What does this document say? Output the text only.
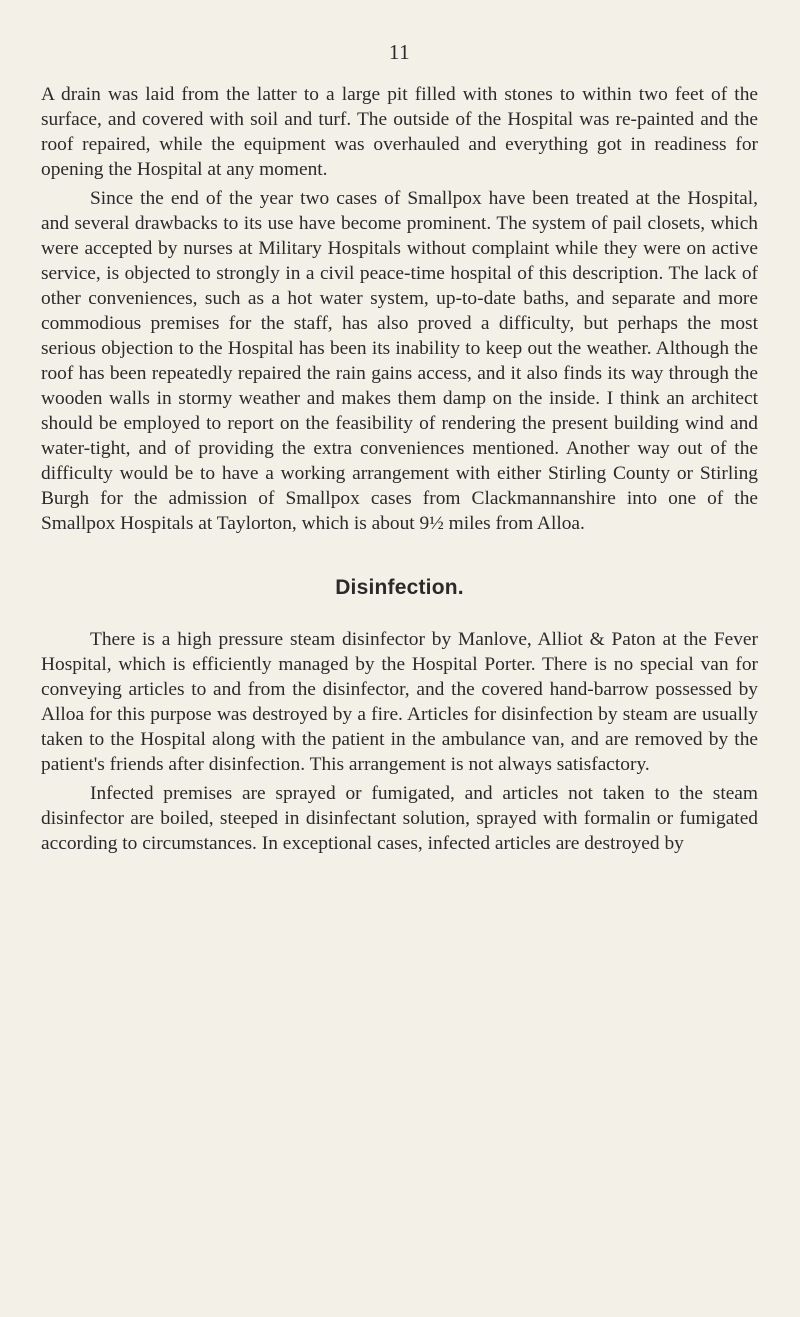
11

A drain was laid from the latter to a large pit filled with stones to within two feet of the surface, and covered with soil and turf. The outside of the Hospital was re-painted and the roof repaired, while the equipment was overhauled and everything got in readiness for opening the Hospital at any moment.

Since the end of the year two cases of Smallpox have been treated at the Hospital, and several drawbacks to its use have become prominent. The system of pail closets, which were accepted by nurses at Military Hospitals without complaint while they were on active service, is objected to strongly in a civil peace-time hospital of this description. The lack of other conveniences, such as a hot water system, up-to-date baths, and separate and more commodious premises for the staff, has also proved a difficulty, but perhaps the most serious objection to the Hospital has been its inability to keep out the weather. Although the roof has been repeatedly repaired the rain gains access, and it also finds its way through the wooden walls in stormy weather and makes them damp on the inside. I think an architect should be employed to report on the feasibility of rendering the present building wind and water-tight, and of providing the extra conveniences mentioned. Another way out of the difficulty would be to have a working arrangement with either Stirling County or Stirling Burgh for the admission of Smallpox cases from Clackmannanshire into one of the Smallpox Hospitals at Taylorton, which is about 9½ miles from Alloa.

Disinfection.

There is a high pressure steam disinfector by Manlove, Alliot & Paton at the Fever Hospital, which is efficiently managed by the Hospital Porter. There is no special van for conveying articles to and from the disinfector, and the covered hand-barrow possessed by Alloa for this purpose was destroyed by a fire. Articles for disinfection by steam are usually taken to the Hospital along with the patient in the ambulance van, and are removed by the patient's friends after disinfection. This arrangement is not always satisfactory.

Infected premises are sprayed or fumigated, and articles not taken to the steam disinfector are boiled, steeped in disinfectant solution, sprayed with formalin or fumigated according to circumstances. In exceptional cases, infected articles are destroyed by
